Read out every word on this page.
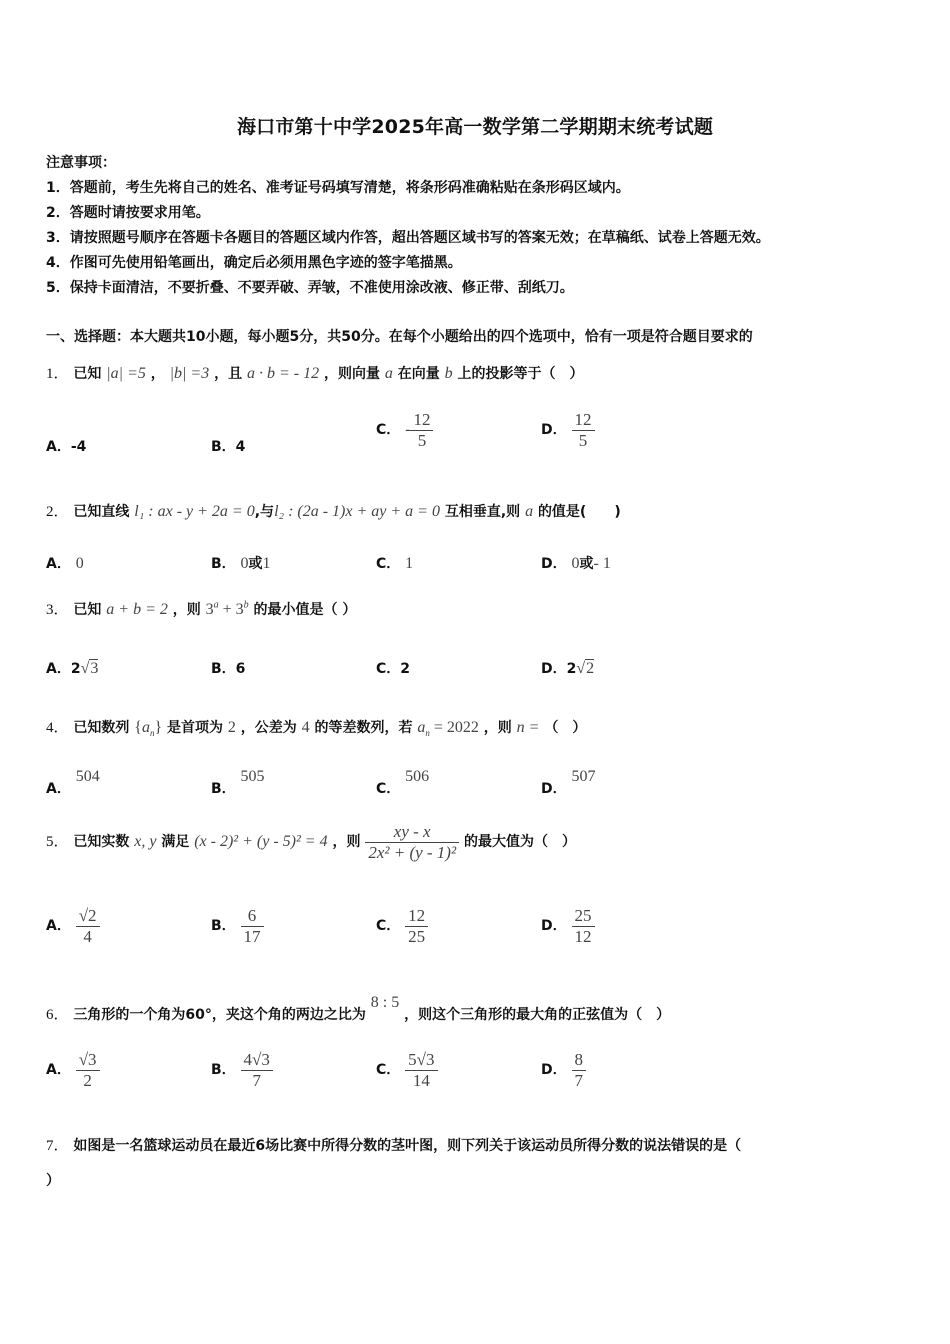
海口市第十中学2025年高一数学第二学期期末统考试题
注意事项：
1．答题前，考生先将自己的姓名、准考证号码填写清楚，将条形码准确粘贴在条形码区域内。
2．答题时请按要求用笔。
3．请按照题号顺序在答题卡各题目的答题区域内作答，超出答题区域书写的答案无效；在草稿纸、试卷上答题无效。
4．作图可先使用铅笔画出，确定后必须用黑色字迹的签字笔描黑。
5．保持卡面清洁，不要折叠、不要弄破、弄皱，不准使用涂改液、修正带、刮纸刀。
一、选择题：本大题共10小题，每小题5分，共50分。在每个小题给出的四个选项中，恰有一项是符合题目要求的
1． 已知 |a| =5 ， |b| =3 ，且 a · b = - 12 ，则向量 a 在向量 b 上的投影等于（　）
A．-4	B．4
C． - $\frac{12}{5}$	D． $\frac{12}{5}$
2． 已知直线 l₁ : ax - y + 2a = 0,与l₂ : (2a - 1)x + ay + a = 0 互相垂直,则 a 的值是(　　)
A． 0	B． 0或1	C． 1	D． 0或- 1
3． 已知 a + b = 2 ，则 $3^a + 3^b$ 的最小值是（ ）
A．2√3	B．6	C．2	D．2√2
4． 已知数列 $\{a_n\}$ 是首项为 2 ，公差为 4 的等差数列，若 $a_n = 2022$ ，则 n = （　）
A． 504
B． 505
C． 506
D． 507
5． 已知实数 x, y 满足 (x - 2)² + (y - 5)² = 4 ，则 $\frac{xy - x}{\text{2x² + (y - 1)²}}$ 的最大值为（　）
A． $\frac{√2}{4}$	B． $\frac{6}{17}$	C． $\frac{12}{25}$	D． $\frac{25}{12}$
6． 三角形的一个角为60°，夹这个角的两边之比为 8 : 5 ，则这个三角形的最大角的正弦值为（　）
A． $\frac{√3}{2}$	B． $\frac{4√3}{7}$	C． $\frac{5√3}{14}$	D． $\frac{8}{7}$
7． 如图是一名篮球运动员在最近6场比赛中所得分数的茎叶图，则下列关于该运动员所得分数的说法错误的是（
）
